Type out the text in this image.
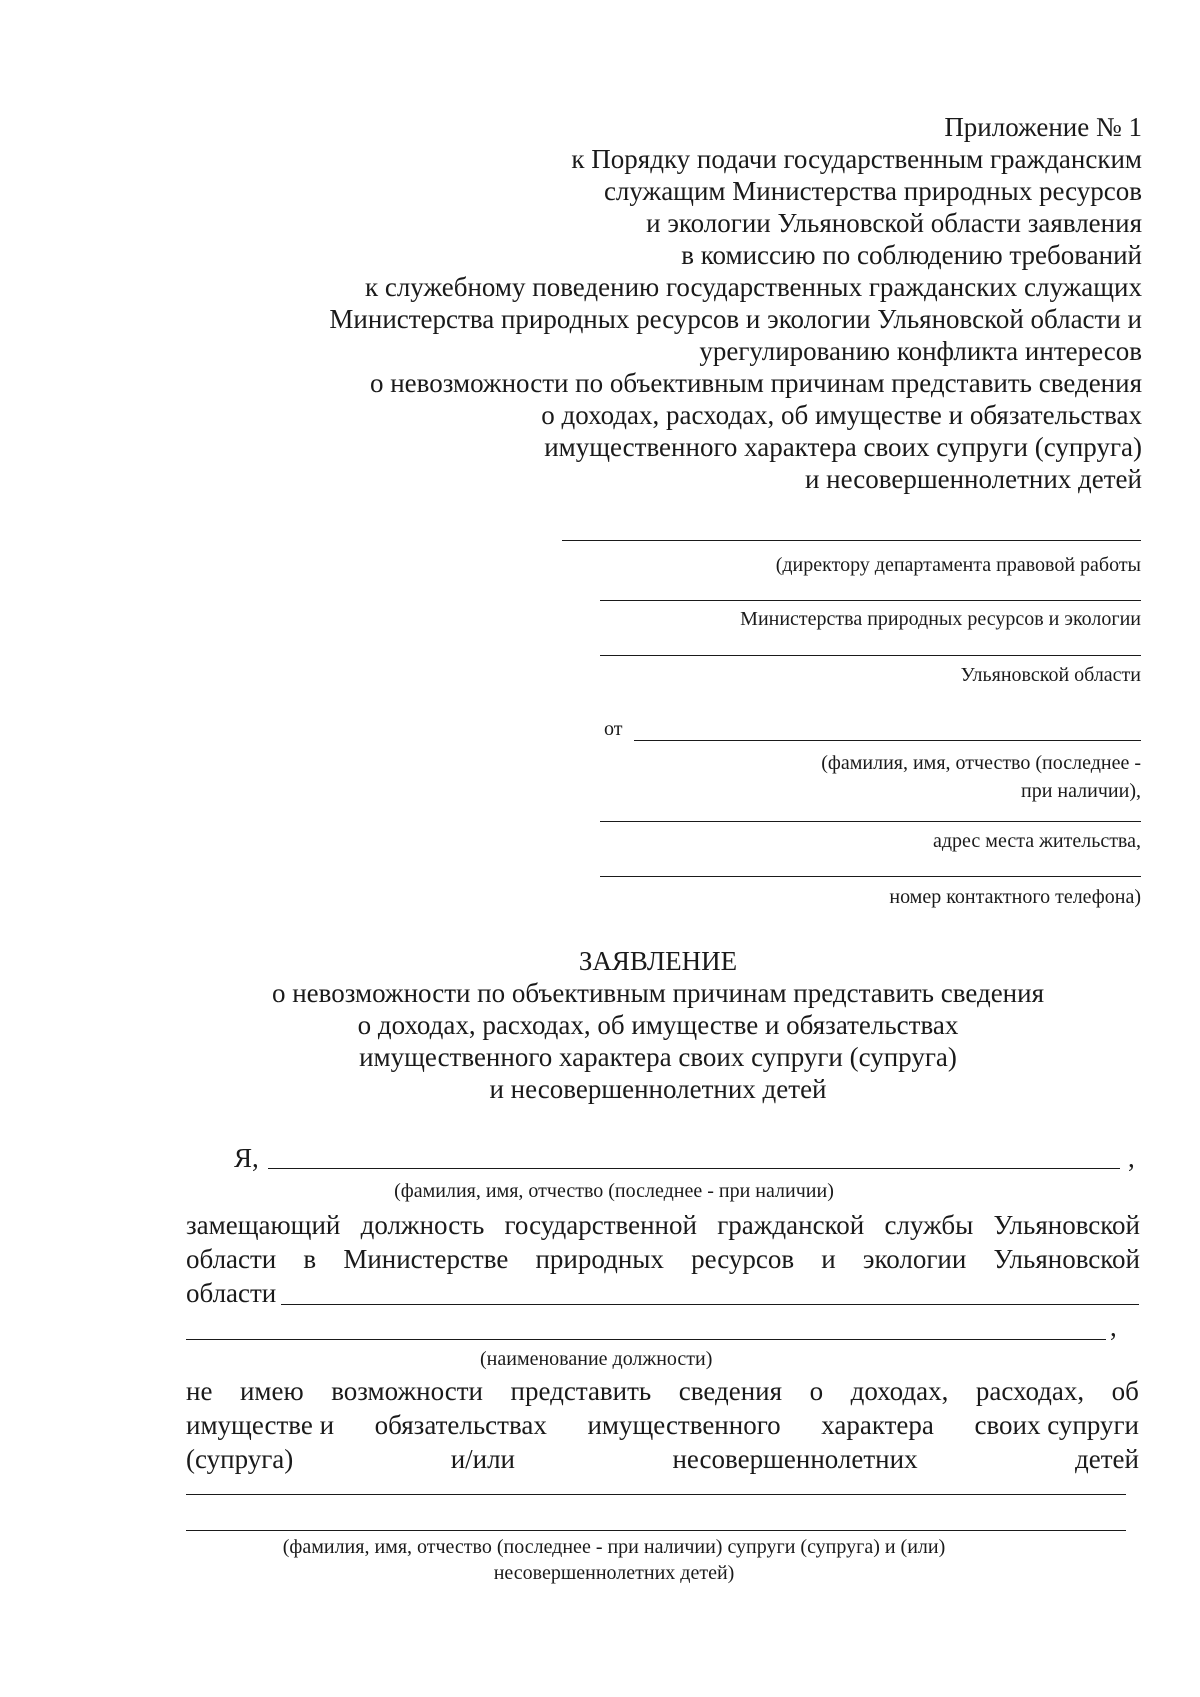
Приложение № 1
к Порядку подачи государственным гражданским
служащим Министерства природных ресурсов
и экологии Ульяновской области заявления
в комиссию по соблюдению требований
к служебному поведению государственных гражданских служащих
Министерства природных ресурсов и экологии Ульяновской области и
урегулированию конфликта интересов
о невозможности по объективным причинам представить сведения
о доходах, расходах, об имуществе и обязательствах
имущественного характера своих супруги (супруга)
и несовершеннолетних детей
(директору департамента правовой работы
Министерства природных ресурсов и экологии
Ульяновской области
от
(фамилия, имя, отчество (последнее -
при наличии),
адрес места жительства,
номер контактного телефона)
ЗАЯВЛЕНИЕ
о невозможности по объективным причинам представить сведения
о доходах, расходах, об имуществе и обязательствах
имущественного характера своих супруги (супруга)
и несовершеннолетних детей
Я,	,
(фамилия, имя, отчество (последнее - при наличии)
замещающий должность государственной гражданской службы Ульяновской
области в Министерстве природных ресурсов и экологии Ульяновской
области
,
(наименование должности)
не имею возможности представить сведения о доходах, расходах, об
имуществе и обязательствах имущественного характера своих супруги
(супруга)	и/или	несовершеннолетних	детей
(фамилия, имя, отчество (последнее - при наличии) супруги (супруга) и (или)
несовершеннолетних детей)
